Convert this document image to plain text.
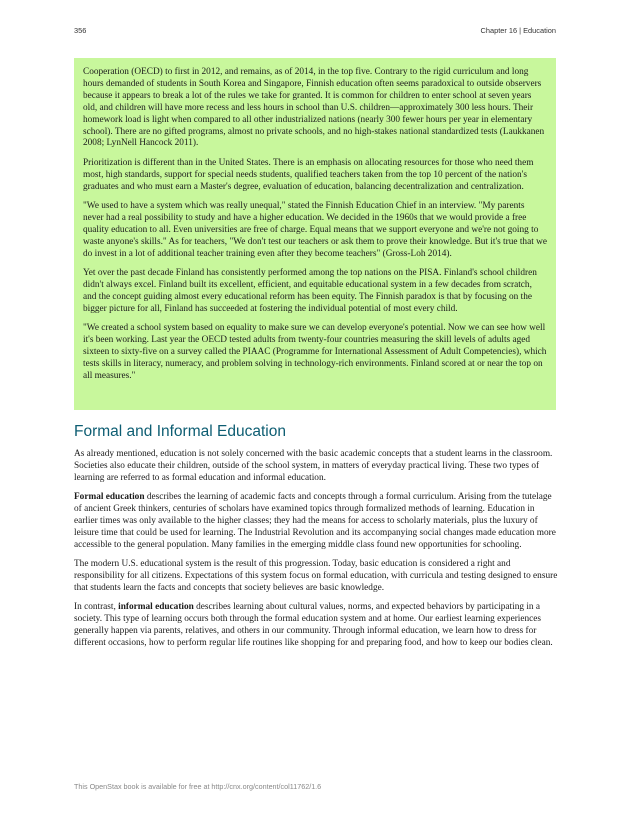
356	Chapter 16 | Education

Cooperation (OECD) to first in 2012, and remains, as of 2014, in the top five. Contrary to the rigid curriculum and long hours demanded of students in South Korea and Singapore, Finnish education often seems paradoxical to outside observers because it appears to break a lot of the rules we take for granted. It is common for children to enter school at seven years old, and children will have more recess and less hours in school than U.S. children—approximately 300 less hours. Their homework load is light when compared to all other industrialized nations (nearly 300 fewer hours per year in elementary school). There are no gifted programs, almost no private schools, and no high-stakes national standardized tests (Laukkanen 2008; LynNell Hancock 2011).

Prioritization is different than in the United States. There is an emphasis on allocating resources for those who need them most, high standards, support for special needs students, qualified teachers taken from the top 10 percent of the nation's graduates and who must earn a Master's degree, evaluation of education, balancing decentralization and centralization.

"We used to have a system which was really unequal," stated the Finnish Education Chief in an interview. "My parents never had a real possibility to study and have a higher education. We decided in the 1960s that we would provide a free quality education to all. Even universities are free of charge. Equal means that we support everyone and we're not going to waste anyone's skills." As for teachers, "We don't test our teachers or ask them to prove their knowledge. But it's true that we do invest in a lot of additional teacher training even after they become teachers" (Gross-Loh 2014).

Yet over the past decade Finland has consistently performed among the top nations on the PISA. Finland's school children didn't always excel. Finland built its excellent, efficient, and equitable educational system in a few decades from scratch, and the concept guiding almost every educational reform has been equity. The Finnish paradox is that by focusing on the bigger picture for all, Finland has succeeded at fostering the individual potential of most every child.

"We created a school system based on equality to make sure we can develop everyone's potential. Now we can see how well it's been working. Last year the OECD tested adults from twenty-four countries measuring the skill levels of adults aged sixteen to sixty-five on a survey called the PIAAC (Programme for International Assessment of Adult Competencies), which tests skills in literacy, numeracy, and problem solving in technology-rich environments. Finland scored at or near the top on all measures."

Formal and Informal Education

As already mentioned, education is not solely concerned with the basic academic concepts that a student learns in the classroom. Societies also educate their children, outside of the school system, in matters of everyday practical living. These two types of learning are referred to as formal education and informal education.

Formal education describes the learning of academic facts and concepts through a formal curriculum. Arising from the tutelage of ancient Greek thinkers, centuries of scholars have examined topics through formalized methods of learning. Education in earlier times was only available to the higher classes; they had the means for access to scholarly materials, plus the luxury of leisure time that could be used for learning. The Industrial Revolution and its accompanying social changes made education more accessible to the general population. Many families in the emerging middle class found new opportunities for schooling.

The modern U.S. educational system is the result of this progression. Today, basic education is considered a right and responsibility for all citizens. Expectations of this system focus on formal education, with curricula and testing designed to ensure that students learn the facts and concepts that society believes are basic knowledge.

In contrast, informal education describes learning about cultural values, norms, and expected behaviors by participating in a society. This type of learning occurs both through the formal education system and at home. Our earliest learning experiences generally happen via parents, relatives, and others in our community. Through informal education, we learn how to dress for different occasions, how to perform regular life routines like shopping for and preparing food, and how to keep our bodies clean.

This OpenStax book is available for free at http://cnx.org/content/col11762/1.6
